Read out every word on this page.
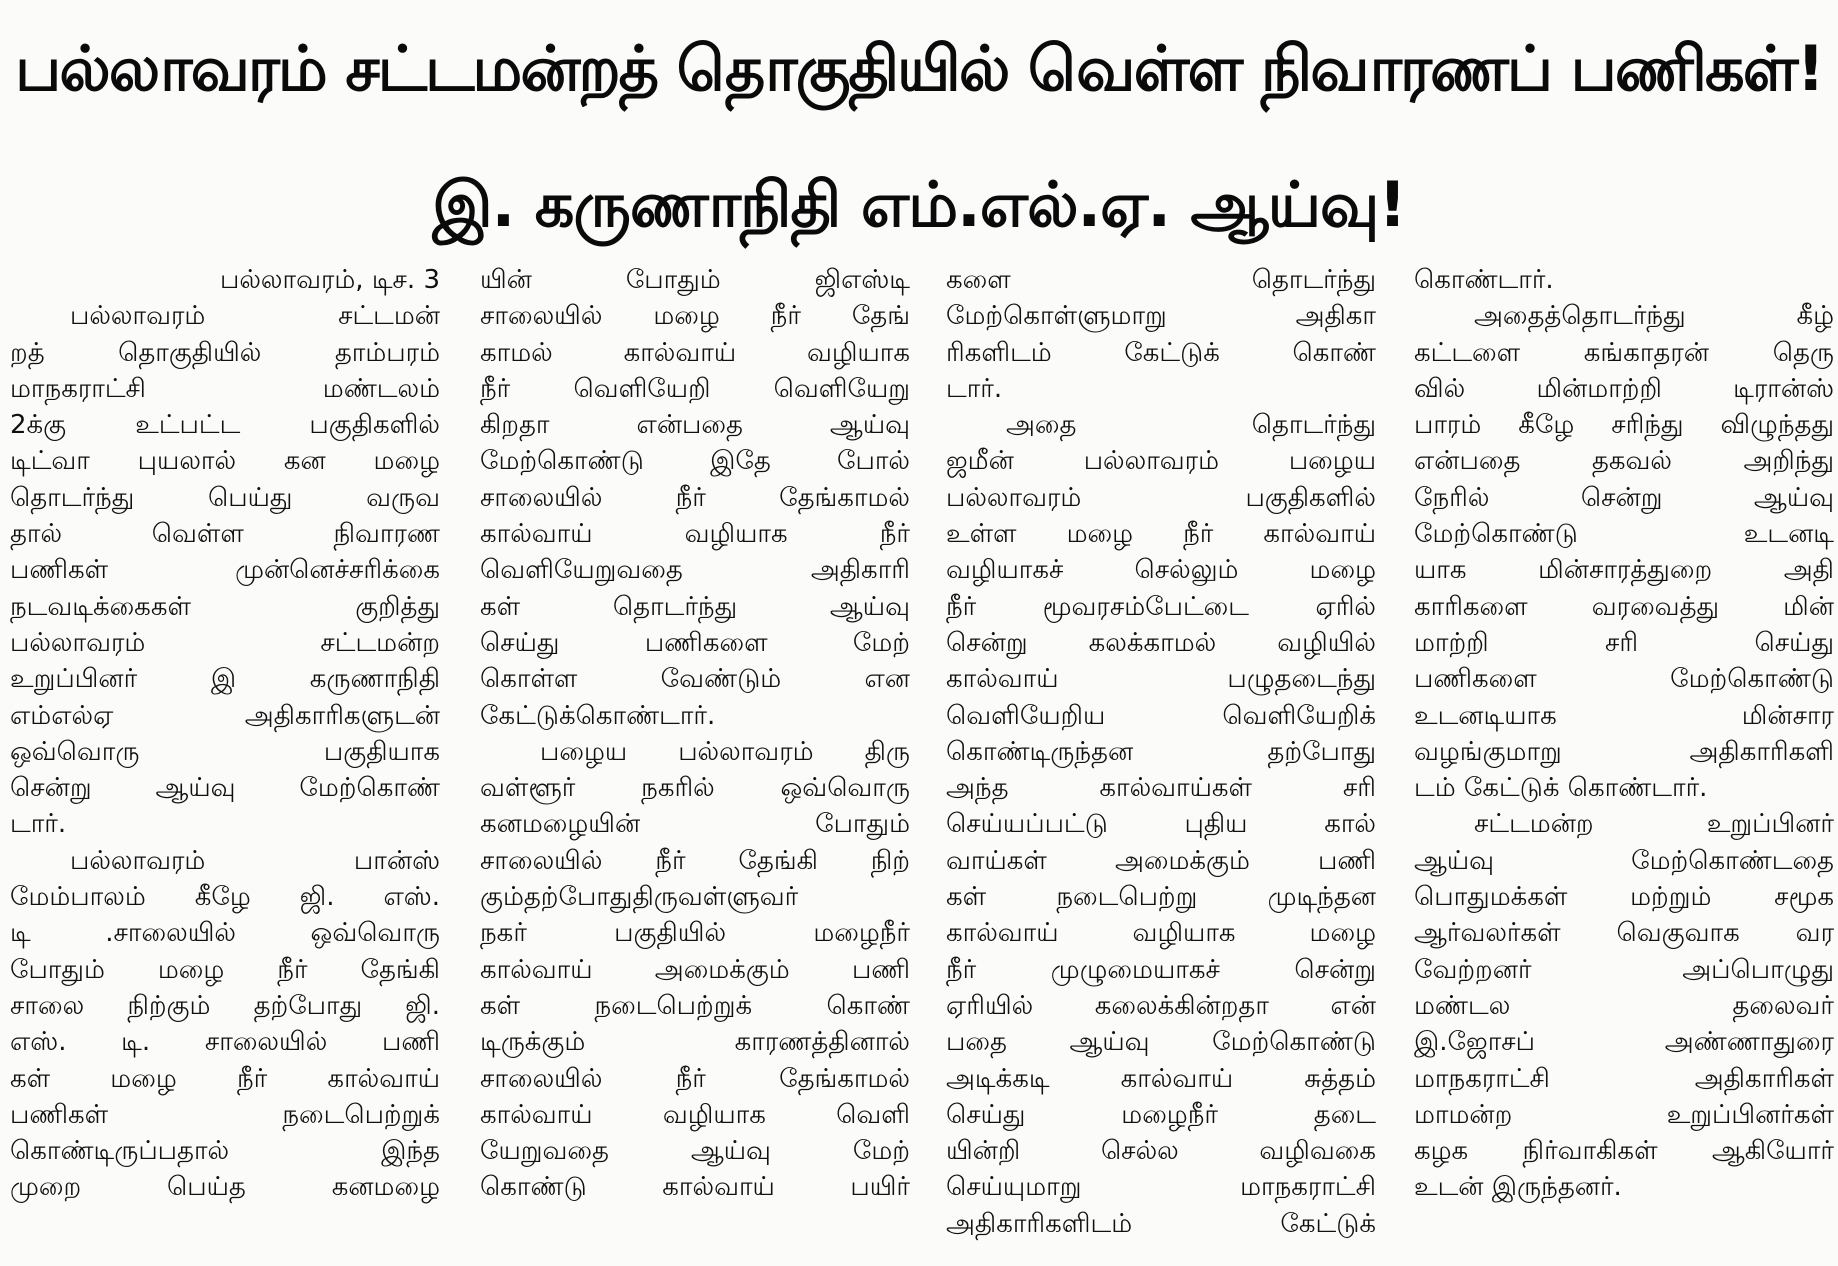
பல்லாவரம் சட்டமன்றத் தொகுதியில் வெள்ள நிவாரணப் பணிகள்!
இ. கருணாநிதி எம்.எல்.ஏ. ஆய்வு!
பல்லாவரம், டிச. 3
பல்லாவரம் சட்டமன்
றத் தொகுதியில் தாம்பரம்
மாநகராட்சி மண்டலம்
2க்கு உட்பட்ட பகுதிகளில்
டிட்வா புயலால் கன மழை
தொடர்ந்து பெய்து வருவ
தால் வெள்ள நிவாரண
பணிகள் முன்னெச்சரிக்கை
நடவடிக்கைகள் குறித்து
பல்லாவரம் சட்டமன்ற
உறுப்பினர் இ கருணாநிதி
எம்எல்ஏ அதிகாரிகளுடன்
ஒவ்வொரு பகுதியாக
சென்று ஆய்வு மேற்கொண்
டார்.
பல்லாவரம் பான்ஸ்
மேம்பாலம் கீழே ஜி. எஸ்.
டி .சாலையில் ஒவ்வொரு
போதும் மழை நீர் தேங்கி
சாலை நிற்கும் தற்போது ஜி.
எஸ். டி. சாலையில் பணி
கள் மழை நீர் கால்வாய்
பணிகள் நடைபெற்றுக்
கொண்டிருப்பதால் இந்த
முறை பெய்த கனமழை
யின் போதும் ஜிஎஸ்டி
சாலையில் மழை நீர் தேங்
காமல் கால்வாய் வழியாக
நீர் வெளியேறி வெளியேறு
கிறதா என்பதை ஆய்வு
மேற்கொண்டு இதே போல்
சாலையில் நீர் தேங்காமல்
கால்வாய் வழியாக நீர்
வெளியேறுவதை அதிகாரி
கள் தொடர்ந்து ஆய்வு
செய்து பணிகளை மேற்
கொள்ள வேண்டும் என
கேட்டுக்கொண்டார்.
பழைய பல்லாவரம் திரு
வள்ளூர் நகரில் ஒவ்வொரு
கனமழையின் போதும்
சாலையில் நீர் தேங்கி நிற்
கும்தற்போதுதிருவள்ளுவர்
நகர் பகுதியில் மழைநீர்
கால்வாய் அமைக்கும் பணி
கள் நடைபெற்றுக் கொண்
டிருக்கும் காரணத்தினால்
சாலையில் நீர் தேங்காமல்
கால்வாய் வழியாக வெளி
யேறுவதை ஆய்வு மேற்
கொண்டு கால்வாய் பயிர்
களை தொடர்ந்து
மேற்கொள்ளுமாறு அதிகா
ரிகளிடம் கேட்டுக் கொண்
டார்.
அதை தொடர்ந்து
ஜமீன் பல்லாவரம் பழைய
பல்லாவரம் பகுதிகளில்
உள்ள மழை நீர் கால்வாய்
வழியாகச் செல்லும் மழை
நீர் மூவரசம்பேட்டை ஏரில்
சென்று கலக்காமல் வழியில்
கால்வாய் பழுதடைந்து
வெளியேறிய வெளியேறிக்
கொண்டிருந்தன தற்போது
அந்த கால்வாய்கள் சரி
செய்யப்பட்டு புதிய கால்
வாய்கள் அமைக்கும் பணி
கள் நடைபெற்று முடிந்தன
கால்வாய் வழியாக மழை
நீர் முழுமையாகச் சென்று
ஏரியில் கலைக்கின்றதா என்
பதை ஆய்வு மேற்கொண்டு
அடிக்கடி கால்வாய் சுத்தம்
செய்து மழைநீர் தடை
யின்றி செல்ல வழிவகை
செய்யுமாறு மாநகராட்சி
அதிகாரிகளிடம் கேட்டுக்
கொண்டார்.
அதைத்தொடர்ந்து கீழ்
கட்டளை கங்காதரன் தெரு
வில் மின்மாற்றி டிரான்ஸ்
பாரம் கீழே சரிந்து விழுந்தது
என்பதை தகவல் அறிந்து
நேரில் சென்று ஆய்வு
மேற்கொண்டு உடனடி
யாக மின்சாரத்துறை அதி
காரிகளை வரவைத்து மின்
மாற்றி சரி செய்து
பணிகளை மேற்கொண்டு
உடனடியாக மின்சார
வழங்குமாறு அதிகாரிகளி
டம் கேட்டுக் கொண்டார்.
சட்டமன்ற உறுப்பினர்
ஆய்வு மேற்கொண்டதை
பொதுமக்கள் மற்றும் சமூக
ஆர்வலர்கள் வெகுவாக வர
வேற்றனர் அப்பொழுது
மண்டல தலைவர்
இ.ஜோசப் அண்ணாதுரை
மாநகராட்சி அதிகாரிகள்
மாமன்ற உறுப்பினர்கள்
கழக நிர்வாகிகள் ஆகியோர்
உடன் இருந்தனர்.
